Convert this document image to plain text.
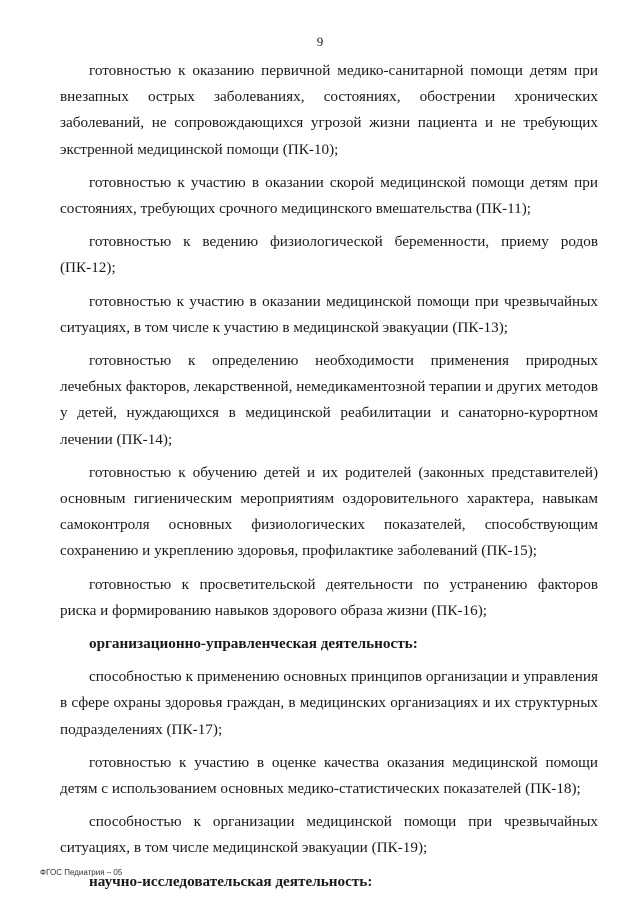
9

готовностью к оказанию первичной медико-санитарной помощи детям при внезапных острых заболеваниях, состояниях, обострении хронических заболеваний, не сопровождающихся угрозой жизни пациента и не требующих экстренной медицинской помощи (ПК-10);

готовностью к участию в оказании скорой медицинской помощи детям при состояниях, требующих срочного медицинского вмешательства (ПК-11);

готовностью к ведению физиологической беременности, приему родов (ПК-12);

готовностью к участию в оказании медицинской помощи при чрезвычайных ситуациях, в том числе к участию в медицинской эвакуации (ПК-13);

готовностью к определению необходимости применения природных лечебных факторов, лекарственной, немедикаментозной терапии и других методов у детей, нуждающихся в медицинской реабилитации и санаторно-курортном лечении (ПК-14);

готовностью к обучению детей и их родителей (законных представителей) основным гигиеническим мероприятиям оздоровительного характера, навыкам самоконтроля основных физиологических показателей, способствующим сохранению и укреплению здоровья, профилактике заболеваний (ПК-15);

готовностью к просветительской деятельности по устранению факторов риска и формированию навыков здорового образа жизни (ПК-16);

организационно-управленческая деятельность:

способностью к применению основных принципов организации и управления в сфере охраны здоровья граждан, в медицинских организациях и их структурных подразделениях (ПК-17);

готовностью к участию в оценке качества оказания медицинской помощи детям с использованием основных медико-статистических показателей (ПК-18);

способностью к организации медицинской помощи при чрезвычайных ситуациях, в том числе медицинской эвакуации (ПК-19);

научно-исследовательская деятельность:

ФГОС Педиатрия – 05
